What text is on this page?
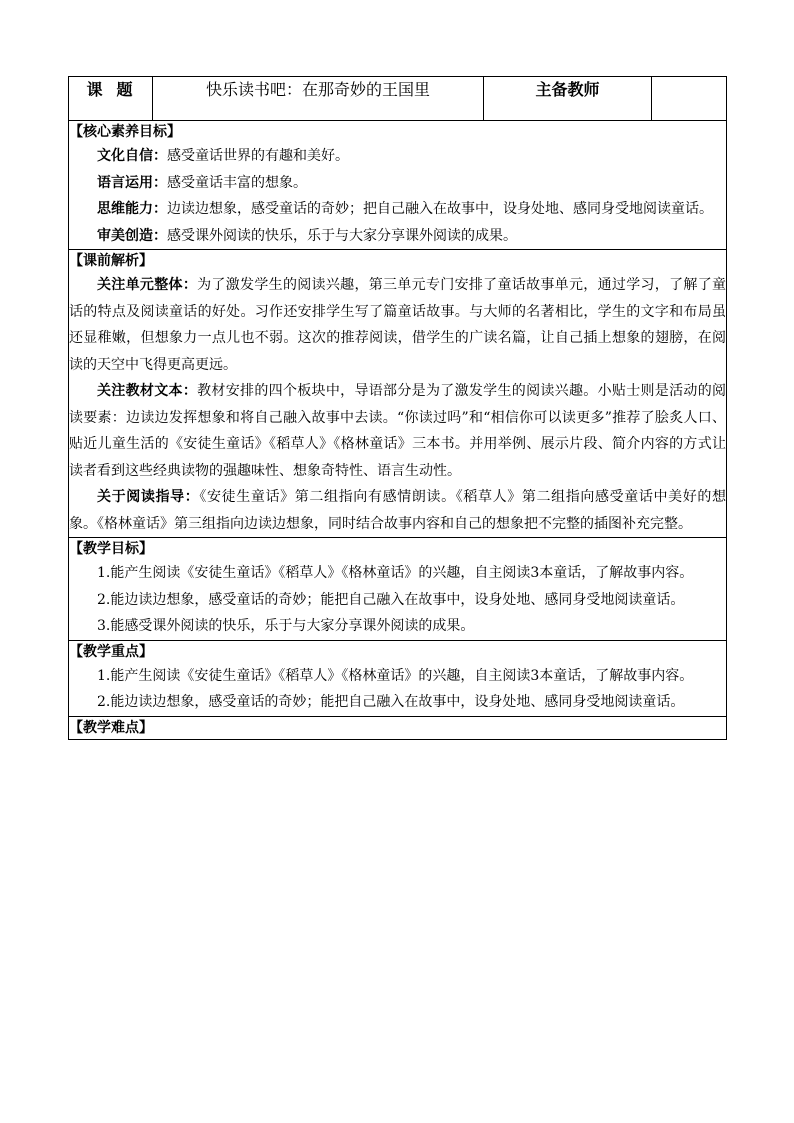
课题	快乐读书吧：在那奇妙的王国里	主备教师	

【核心素养目标】

文化自信：感受童话世界的有趣和美好。

语言运用：感受童话丰富的想象。

思维能力：边读边想象，感受童话的奇妙；把自己融入在故事中，设身处地、感同身受地阅读童话。

审美创造：感受课外阅读的快乐，乐于与大家分享课外阅读的成果。

【课前解析】

关注单元整体：为了激发学生的阅读兴趣，第三单元专门安排了童话故事单元，通过学习，了解了童话的特点及阅读童话的好处。习作还安排学生写了篇童话故事。与大师的名著相比，学生的文字和布局虽还显稚嫩，但想象力一点儿也不弱。这次的推荐阅读，借学生的广读名篇，让自己插上想象的翅膀，在阅读的天空中飞得更高更远。

关注教材文本：教材安排的四个板块中，导语部分是为了激发学生的阅读兴趣。小贴士则是活动的阅读要素：边读边发挥想象和将自己融入故事中去读。“你读过吗”和“相信你可以读更多”推荐了脍炙人口、贴近儿童生活的《安徒生童话》《稻草人》《格林童话》三本书。并用举例、展示片段、简介内容的方式让读者看到这些经典读物的强趣味性、想象奇特性、语言生动性。

关于阅读指导：《安徒生童话》第二组指向有感情朗读。《稻草人》第二组指向感受童话中美好的想象。《格林童话》第三组指向边读边想象，同时结合故事内容和自己的想象把不完整的插图补充完整。

【教学目标】

1.能产生阅读《安徒生童话》《稻草人》《格林童话》的兴趣，自主阅读3本童话，了解故事内容。

2.能边读边想象，感受童话的奇妙；能把自己融入在故事中，设身处地、感同身受地阅读童话。

3.能感受课外阅读的快乐，乐于与大家分享课外阅读的成果。

【教学重点】

1.能产生阅读《安徒生童话》《稻草人》《格林童话》的兴趣，自主阅读3本童话，了解故事内容。

2.能边读边想象，感受童话的奇妙；能把自己融入在故事中，设身处地、感同身受地阅读童话。

【教学难点】
